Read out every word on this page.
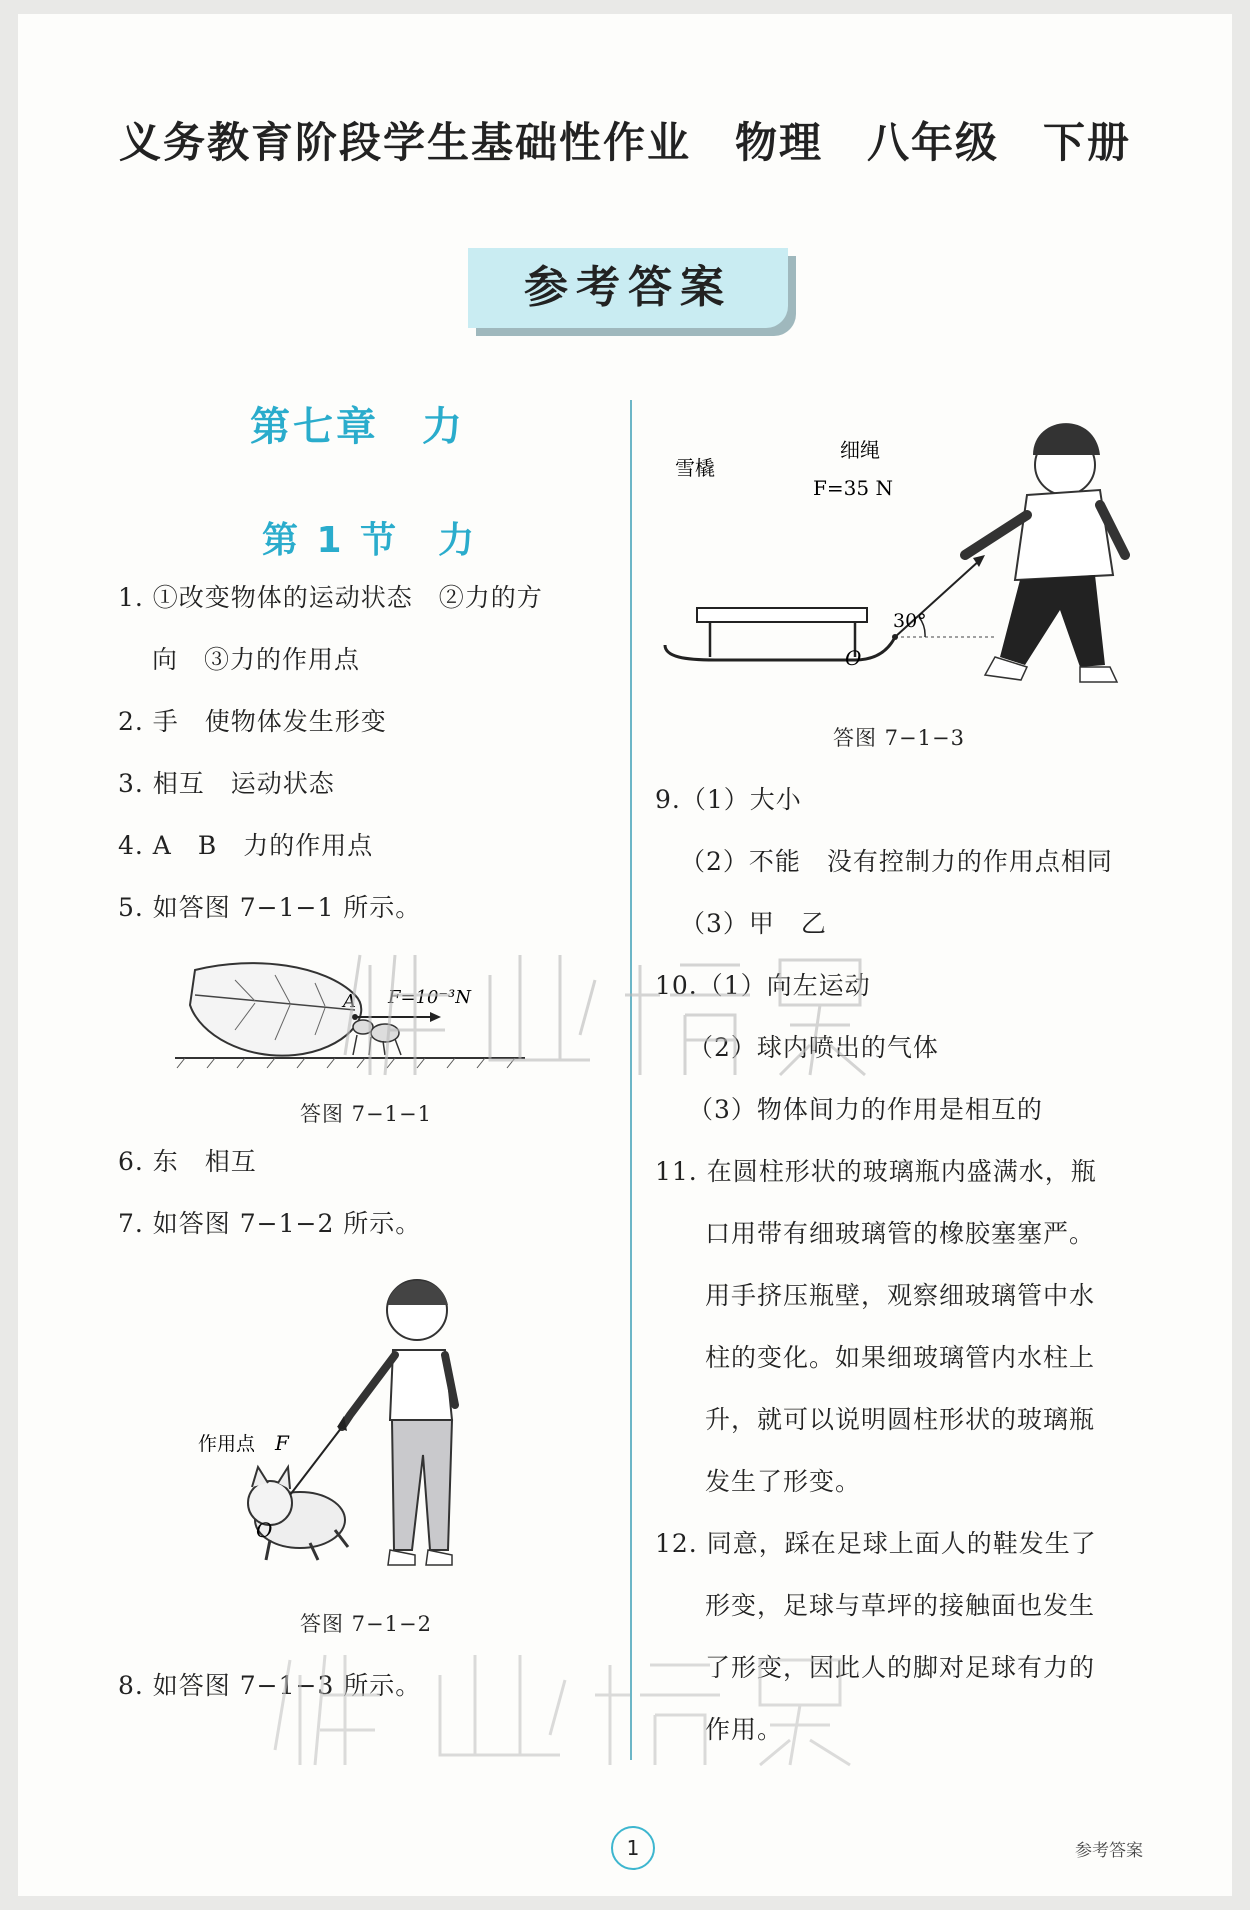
义务教育阶段学生基础性作业 物理 八年级 下册
参考答案
第七章　力
第 1 节　力
1. ①改变物体的运动状态　②力的方
向　③力的作用点
2. 手　使物体发生形变
3. 相互　运动状态
4. A　B　力的作用点
5. 如答图 7−1−1 所示。
A F=10⁻³N
答图 7−1−1
6. 东　相互
7. 如答图 7−1−2 所示。
作用点 F
O
答图 7−1−2
8. 如答图 7−1−3 所示。
雪橇
细绳
F=35 N
30°
O
答图 7−1−3
9.（1）大小
（2）不能　没有控制力的作用点相同
（3）甲　乙
10.（1）向左运动
（2）球内喷出的气体
（3）物体间力的作用是相互的
11. 在圆柱形状的玻璃瓶内盛满水，瓶
口用带有细玻璃管的橡胶塞塞严。
用手挤压瓶壁，观察细玻璃管中水
柱的变化。如果细玻璃管内水柱上
升，就可以说明圆柱形状的玻璃瓶
发生了形变。
12. 同意，踩在足球上面人的鞋发生了
形变，足球与草坪的接触面也发生
了形变，因此人的脚对足球有力的
作用。
1	参考答案
